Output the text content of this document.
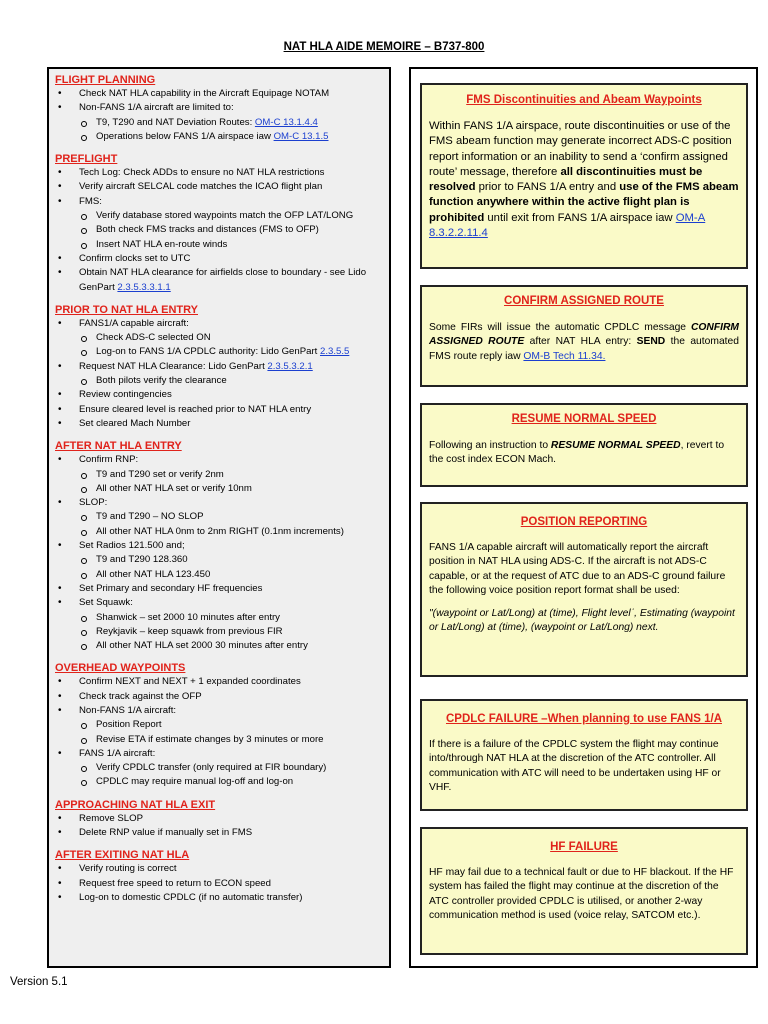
NAT HLA AIDE MEMOIRE – B737-800
FLIGHT PLANNING
• Check NAT HLA capability in the Aircraft Equipage NOTAM
• Non-FANS 1/A aircraft are limited to:
T9, T290 and NAT Deviation Routes: OM-C 13.1.4.4
Operations below FANS 1/A airspace iaw OM-C 13.1.5
PREFLIGHT
• Tech Log: Check ADDs to ensure no NAT HLA restrictions
• Verify aircraft SELCAL code matches the ICAO flight plan
• FMS:
Verify database stored waypoints match the OFP LAT/LONG
Both check FMS tracks and distances (FMS to OFP)
Insert NAT HLA en-route winds
• Confirm clocks set to UTC
• Obtain NAT HLA clearance for airfields close to boundary - see Lido GenPart 2.3.5.3.3.1.1
PRIOR TO NAT HLA ENTRY
• FANS1/A capable aircraft:
Check ADS-C selected ON
Log-on to FANS 1/A CPDLC authority: Lido GenPart 2.3.5.5
• Request NAT HLA Clearance: Lido GenPart 2.3.5.3.2.1
Both pilots verify the clearance
• Review contingencies
• Ensure cleared level is reached prior to NAT HLA entry
• Set cleared Mach Number
AFTER NAT HLA ENTRY
• Confirm RNP:
T9 and T290 set or verify 2nm
All other NAT HLA set or verify 10nm
• SLOP:
T9 and T290 – NO SLOP
All other NAT HLA 0nm to 2nm RIGHT (0.1nm increments)
• Set Radios 121.500 and;
T9 and T290 128.360
All other NAT HLA 123.450
• Set Primary and secondary HF frequencies
• Set Squawk:
Shanwick – set 2000 10 minutes after entry
Reykjavik – keep squawk from previous FIR
All other NAT HLA set 2000 30 minutes after entry
OVERHEAD WAYPOINTS
• Confirm NEXT and NEXT + 1 expanded coordinates
• Check track against the OFP
• Non-FANS 1/A aircraft:
Position Report
Revise ETA if estimate changes by 3 minutes or more
• FANS 1/A aircraft:
Verify CPDLC transfer (only required at FIR boundary)
CPDLC may require manual log-off and log-on
APPROACHING NAT HLA EXIT
• Remove SLOP
• Delete RNP value if manually set in FMS
AFTER EXITING NAT HLA
• Verify routing is correct
• Request free speed to return to ECON speed
• Log-on to domestic CPDLC (if no automatic transfer)
FMS Discontinuities and Abeam Waypoints
Within FANS 1/A airspace, route discontinuities or use of the FMS abeam function may generate incorrect ADS-C position report information or an inability to send a ‘confirm assigned route’ message, therefore all discontinuities must be resolved prior to FANS 1/A entry and use of the FMS abeam function anywhere within the active flight plan is prohibited until exit from FANS 1/A airspace iaw OM-A 8.3.2.2.11.4
CONFIRM ASSIGNED ROUTE
Some FIRs will issue the automatic CPDLC message CONFIRM ASSIGNED ROUTE after NAT HLA entry: SEND the automated FMS route reply iaw OM-B Tech 11.34.
RESUME NORMAL SPEED
Following an instruction to RESUME NORMAL SPEED, revert to the cost index ECON Mach.
POSITION REPORTING
FANS 1/A capable aircraft will automatically report the aircraft position in NAT HLA using ADS-C. If the aircraft is not ADS-C capable, or at the request of ATC due to an ADS-C ground failure the following voice position report format shall be used:
"(waypoint or Lat/Long) at (time), Flight levelˈ, Estimating (waypoint or Lat/Long) at (time), (waypoint or Lat/Long) next.
CPDLC FAILURE –When planning to use FANS 1/A
If there is a failure of the CPDLC system the flight may continue into/through NAT HLA at the discretion of the ATC controller. All communication with ATC will need to be undertaken using HF or VHF.
HF FAILURE
HF may fail due to a technical fault or due to HF blackout. If the HF system has failed the flight may continue at the discretion of the ATC controller provided CPDLC is utilised, or another 2-way communication method is used (voice relay, SATCOM etc.).
Version 5.1
